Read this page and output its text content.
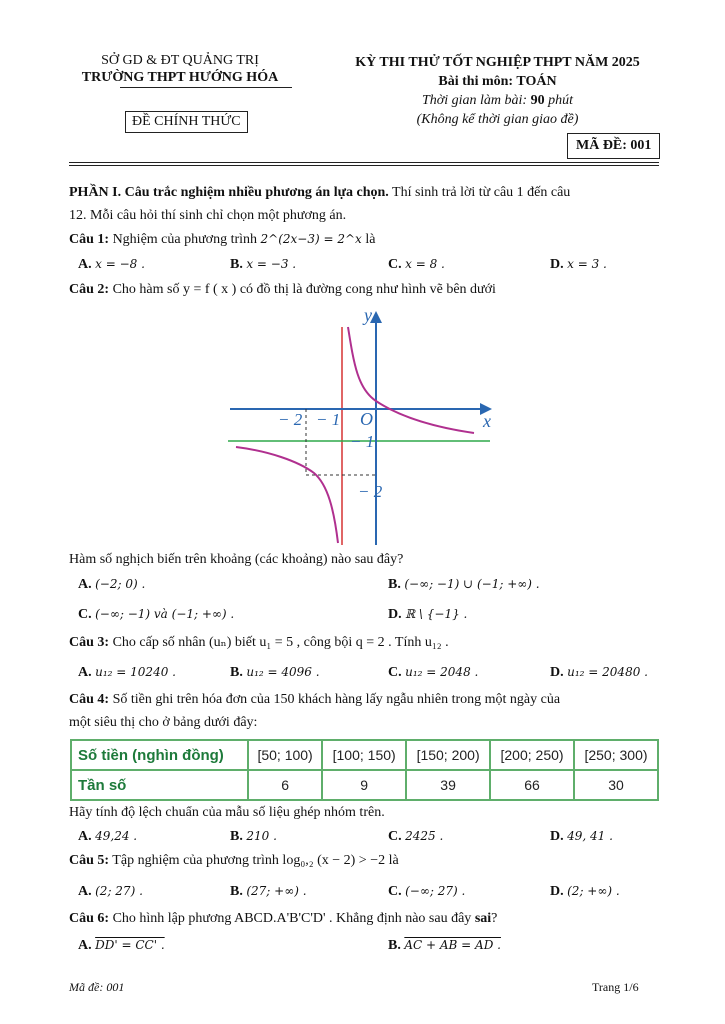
SỞ GD & ĐT QUẢNG TRỊ
TRƯỜNG THPT HƯỚNG HÓA
ĐỀ CHÍNH THỨC
KỲ THI THỬ TỐT NGHIỆP THPT NĂM 2025
Bài thi môn: TOÁN
Thời gian làm bài: 90 phút
(Không kể thời gian giao đề)
MÃ ĐỀ: 001

PHẦN I. Câu trắc nghiệm nhiều phương án lựa chọn. Thí sinh trả lời từ câu 1 đến câu

12. Mỗi câu hỏi thí sinh chỉ chọn một phương án.

Câu 1: Nghiệm của phương trình 2^(2x−3) = 2^x là

A. x = −8 .	B. x = −3 .	C. x = 8 .	D. x = 3 .

Câu 2: Cho hàm số y = f ( x ) có đồ thị là đường cong như hình vẽ bên dưới

y
x
O
− 2 − 1
− 1
− 2

Hàm số nghịch biến trên khoảng (các khoảng) nào sau đây?

A. (−2; 0) .	B. (−∞; −1) ∪ (−1; +∞) .
C. (−∞; −1) và (−1; +∞) .	D. ℝ \ {−1} .

Câu 3: Cho cấp số nhân (uₙ) biết u₁ = 5 , công bội q = 2 . Tính u₁₂ .

A. u₁₂ = 10240 .	B. u₁₂ = 4096 .	C. u₁₂ = 2048 .	D. u₁₂ = 20480 .

Câu 4: Số tiền ghi trên hóa đơn của 150 khách hàng lấy ngẫu nhiên trong một ngày của

một siêu thị cho ở bảng dưới đây:

Số tiền (nghìn đồng)	[50; 100)	[100; 150)	[150; 200)	[200; 250)	[250; 300)
Tần số	6	9	39	66	30

Hãy tính độ lệch chuẩn của mẫu số liệu ghép nhóm trên.

A. 49,24 .	B. 210 .	C. 2425 .	D. 49, 41 .

Câu 5: Tập nghiệm của phương trình log₀,₂ (x − 2) > −2 là

A. (2; 27) .	B. (27; +∞) .	C. (−∞; 27) .	D. (2; +∞) .

Câu 6: Cho hình lập phương ABCD.A'B'C'D' . Khẳng định nào sau đây sai?

A. DD' = CC' .	B. AC + AB = AD .
Mã đề: 001	Trang 1/6
